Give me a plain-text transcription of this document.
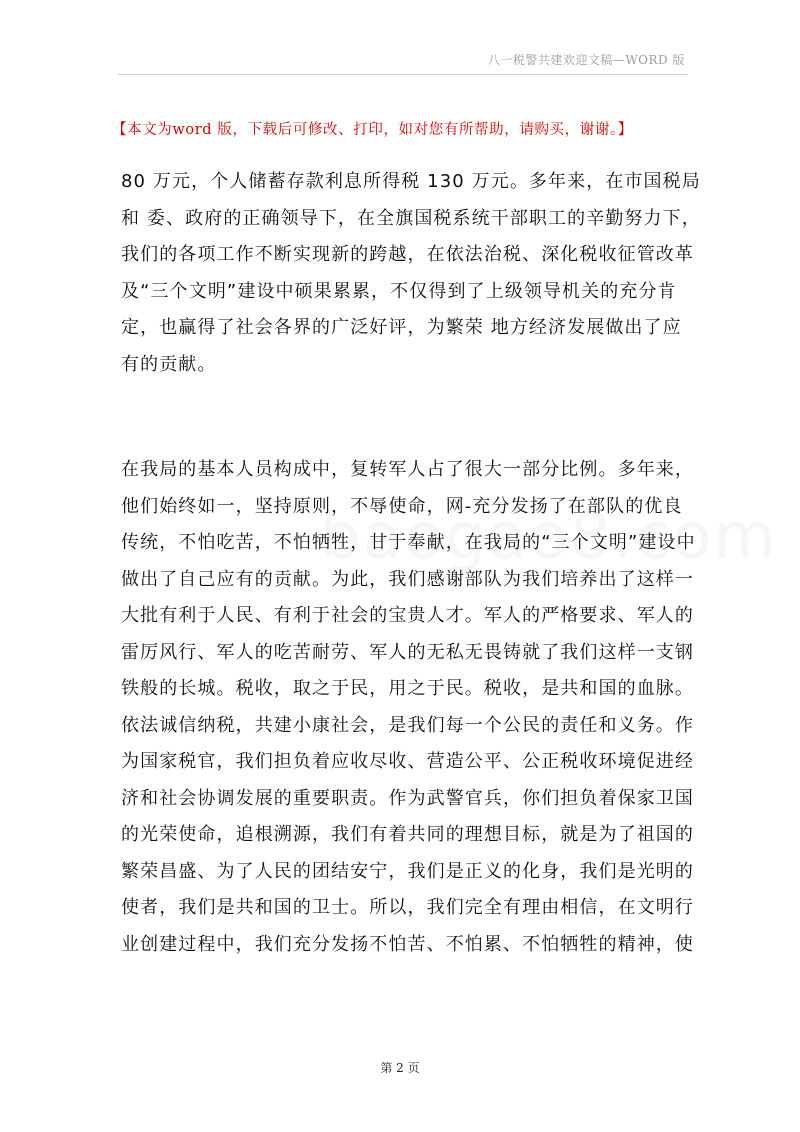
八一税警共建欢迎文稿—WORD 版
【本文为word 版，下载后可修改、打印，如对您有所帮助，请购买，谢谢。】

80 万元，个人储蓄存款利息所得税 130 万元。多年来，在市国税局
和 委、政府的正确领导下，在全旗国税系统干部职工的辛勤努力下，
我们的各项工作不断实现新的跨越，在依法治税、深化税收征管改革
及“三个文明”建设中硕果累累，不仅得到了上级领导机关的充分肯
定，也赢得了社会各界的广泛好评，为繁荣 地方经济发展做出了应
有的贡献。

在我局的基本人员构成中，复转军人占了很大一部分比例。多年来，
他们始终如一，坚持原则，不辱使命，网-充分发扬了在部队的优良
传统，不怕吃苦，不怕牺牲，甘于奉献，在我局的“三个文明”建设中
做出了自己应有的贡献。为此，我们感谢部队为我们培养出了这样一
大批有利于人民、有利于社会的宝贵人才。军人的严格要求、军人的
雷厉风行、军人的吃苦耐劳、军人的无私无畏铸就了我们这样一支钢
铁般的长城。税收，取之于民，用之于民。税收，是共和国的血脉。
依法诚信纳税，共建小康社会，是我们每一个公民的责任和义务。作
为国家税官，我们担负着应收尽收、营造公平、公正税收环境促进经
济和社会协调发展的重要职责。作为武警官兵，你们担负着保家卫国
的光荣使命，追根溯源，我们有着共同的理想目标，就是为了祖国的
繁荣昌盛、为了人民的团结安宁，我们是正义的化身，我们是光明的
使者，我们是共和国的卫士。所以，我们完全有理由相信，在文明行
业创建过程中，我们充分发扬不怕苦、不怕累、不怕牺牲的精神，使

第 2 页
